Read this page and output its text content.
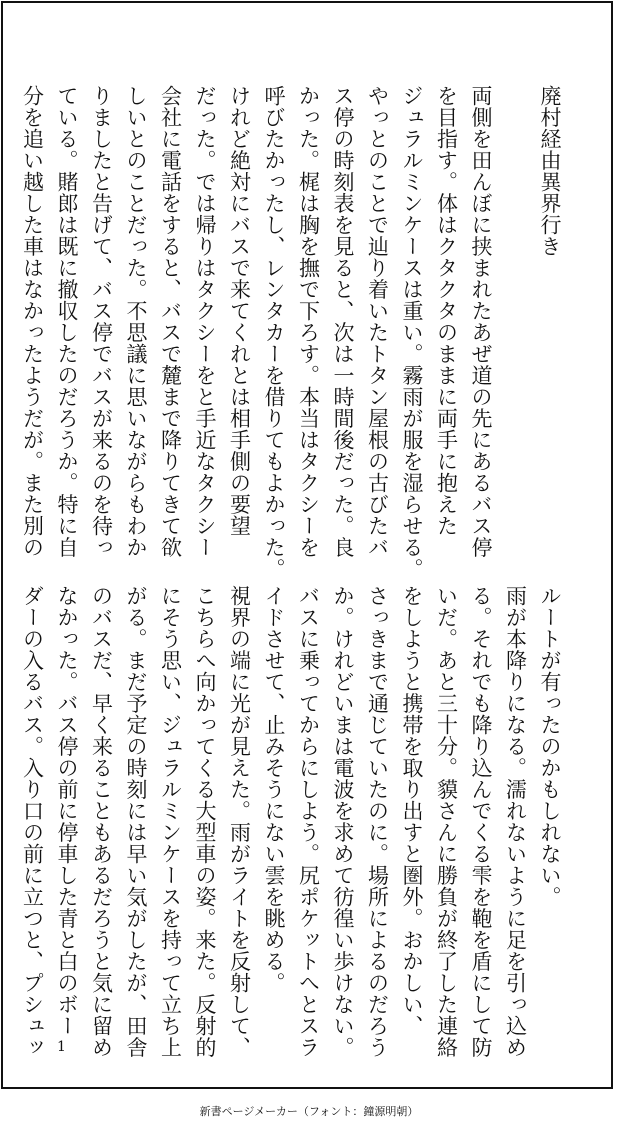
廃村経由異界行き

両側を田んぼに挟まれたあぜ道の先にあるバス停
を目指す。体はクタクタのままに両手に抱えた
ジュラルミンケースは重い。霧雨が服を湿らせる。
やっとのことで辿り着いたトタン屋根の古びたバ
ス停の時刻表を見ると、次は一時間後だった。良
かった。梶は胸を撫で下ろす。本当はタクシーを
呼びたかったし、レンタカーを借りてもよかった。
けれど絶対にバスで来てくれとは相手側の要望
だった。では帰りはタクシーをと手近なタクシー
会社に電話をすると、バスで麓まで降りてきて欲
しいとのことだった。不思議に思いながらもわか
りましたと告げて、バス停でバスが来るのを待っ
ている。賭郎は既に撤収したのだろうか。特に自
分を追い越した車はなかったようだが。また別の
ルートが有ったのかもしれない。
雨が本降りになる。濡れないように足を引っ込め
る。それでも降り込んでくる雫を鞄を盾にして防
いだ。あと三十分。貘さんに勝負が終了した連絡
をしようと携帯を取り出すと圏外。おかしい、
さっきまで通じていたのに。場所によるのだろう
か。けれどいまは電波を求めて彷徨い歩けない。
バスに乗ってからにしよう。尻ポケットへとスラ
イドさせて、止みそうにない雲を眺める。
視界の端に光が見えた。雨がライトを反射して、
こちらへ向かってくる大型車の姿。来た。反射的
にそう思い、ジュラルミンケースを持って立ち上
がる。まだ予定の時刻には早い気がしたが、田舎
のバスだ、早く来ることもあるだろうと気に留め
なかった。バス停の前に停車した青と白のボー
ダーの入るバス。入り口の前に立つと、プシュッ 1
新書ページメーカー（フォント：鐘源明朝）
